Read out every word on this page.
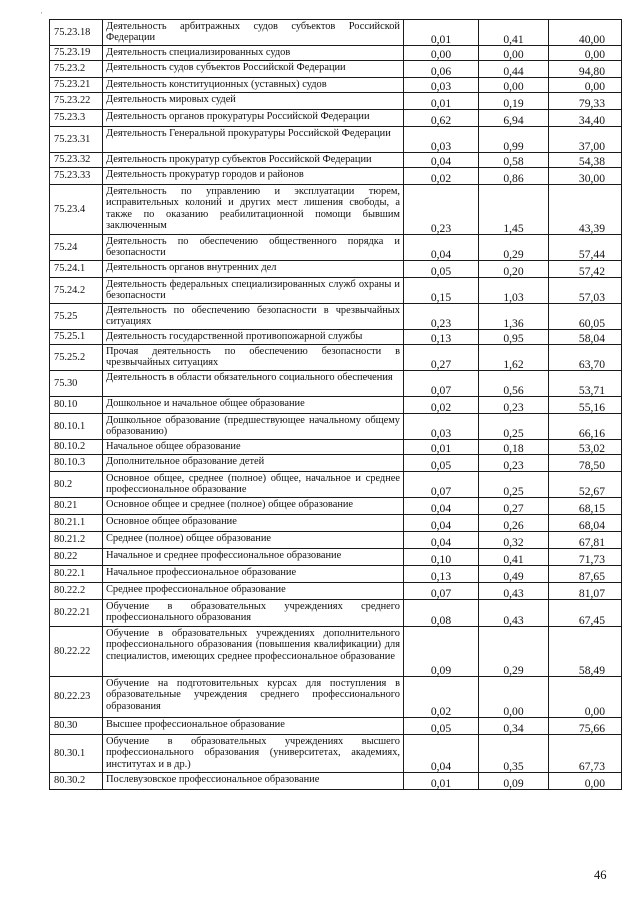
75.23.18	Деятельность арбитражных судов субъектов Российской Федерации	0,01	0,41	40,00
75.23.19	Деятельность специализированных судов	0,00	0,00	0,00
75.23.2	Деятельность судов субъектов Российской Федерации	0,06	0,44	94,80
75.23.21	Деятельность конституционных (уставных) судов	0,03	0,00	0,00
75.23.22	Деятельность мировых судей	0,01	0,19	79,33
75.23.3	Деятельность органов прокуратуры Российской Федерации	0,62	6,94	34,40
75.23.31	Деятельность Генеральной прокуратуры Российской Федерации	0,03	0,99	37,00
75.23.32	Деятельность прокуратур субъектов Российской Федерации	0,04	0,58	54,38
75.23.33	Деятельность прокуратур городов и районов	0,02	0,86	30,00
75.23.4	Деятельность по управлению и эксплуатации тюрем, исправительных колоний и других мест лишения свободы, а также по оказанию реабилитационной помощи бывшим заключенным	0,23	1,45	43,39
75.24	Деятельность по обеспечению общественного порядка и безопасности	0,04	0,29	57,44
75.24.1	Деятельность органов внутренних дел	0,05	0,20	57,42
75.24.2	Деятельность федеральных специализированных служб охраны и безопасности	0,15	1,03	57,03
75.25	Деятельность по обеспечению безопасности в чрезвычайных ситуациях	0,23	1,36	60,05
75.25.1	Деятельность государственной противопожарной службы	0,13	0,95	58,04
75.25.2	Прочая деятельность по обеспечению безопасности в чрезвычайных ситуациях	0,27	1,62	63,70
75.30	Деятельность в области обязательного социального обеспечения	0,07	0,56	53,71
80.10	Дошкольное и начальное общее образование	0,02	0,23	55,16
80.10.1	Дошкольное образование (предшествующее начальному общему образованию)	0,03	0,25	66,16
80.10.2	Начальное общее образование	0,01	0,18	53,02
80.10.3	Дополнительное образование детей	0,05	0,23	78,50
80.2	Основное общее, среднее (полное) общее, начальное и среднее профессиональное образование	0,07	0,25	52,67
80.21	Основное общее и среднее (полное) общее образование	0,04	0,27	68,15
80.21.1	Основное общее образование	0,04	0,26	68,04
80.21.2	Среднее (полное) общее образование	0,04	0,32	67,81
80.22	Начальное и среднее профессиональное образование	0,10	0,41	71,73
80.22.1	Начальное профессиональное образование	0,13	0,49	87,65
80.22.2	Среднее профессиональное образование	0,07	0,43	81,07
80.22.21	Обучение в образовательных учреждениях среднего профессионального образования	0,08	0,43	67,45
80.22.22	Обучение в образовательных учреждениях дополнительного профессионального образования (повышения квалификации) для специалистов, имеющих среднее профессиональное образование	0,09	0,29	58,49
80.22.23	Обучение на подготовительных курсах для поступления в образовательные учреждения среднего профессионального образования	0,02	0,00	0,00
80.30	Высшее профессиональное образование	0,05	0,34	75,66
80.30.1	Обучение в образовательных учреждениях высшего профессионального образования (университетах, академиях, институтах и в др.)	0,04	0,35	67,73
80.30.2	Послевузовское профессиональное образование	0,01	0,09	0,00
·
46
